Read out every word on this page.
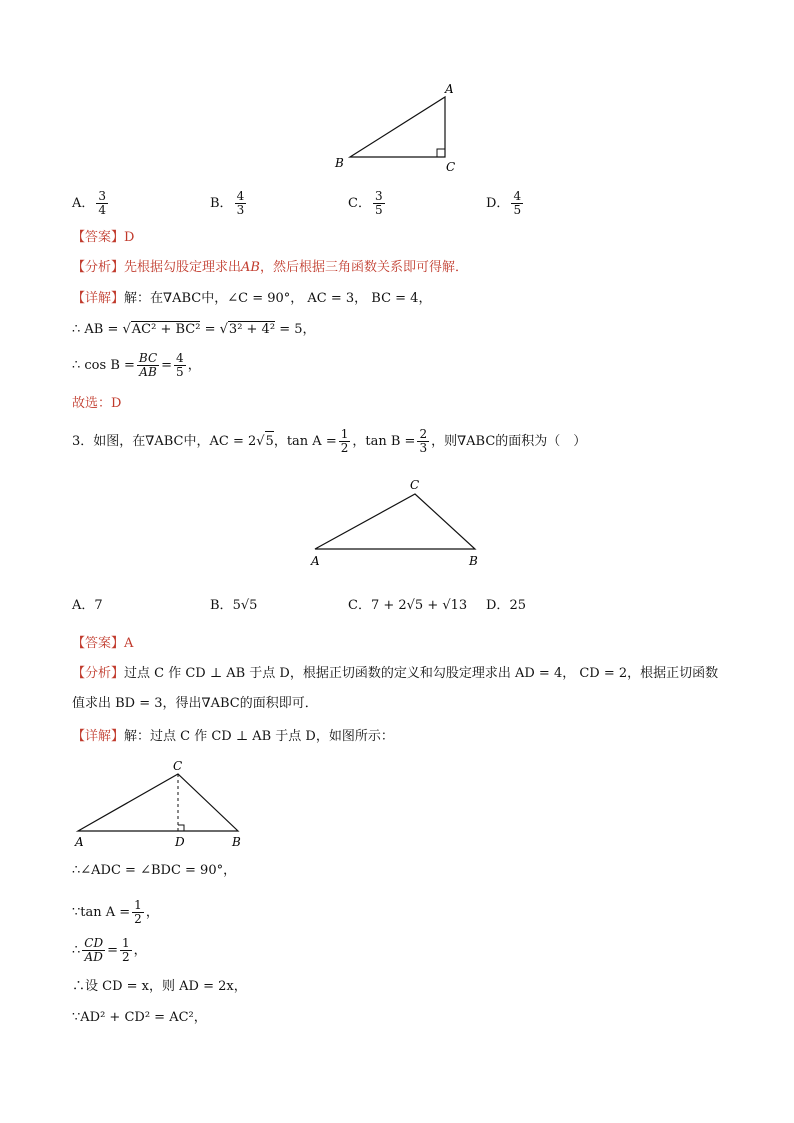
A
B	C
A． $\frac{3}{4}$	B． $\frac{4}{3}$	C． $\frac{3}{5}$	D． $\frac{4}{5}$
【答案】D
【分析】先根据勾股定理求出AB，然后根据三角函数关系即可得解．
【详解】解：在∇ABC中，∠C = 90°， AC = 3， BC = 4，
∴ AB = √AC² + BC² = √3² + 4² = 5，
∴ $\cos B = \frac{BC}{AB} = \frac{4}{5}$ ，
故选：D
3．如图，在∇ABC中，AC = 2 √ 5 ，$\tan A = \frac{1}{2}$ ，$\tan B = \frac{2}{3}$ ，则∇ABC的面积为（　）
C
A	B
A． 7	B． 5√5	C． 7 + 2√5 + √13 D． 25
【答案】A
【分析】过点 C 作 CD ⊥ AB 于点 D，根据正切函数的定义和勾股定理求出 AD = 4， CD = 2，根据正切函数
值求出 BD = 3，得出∇ABC的面积即可．
【详解】解：过点 C 作 CD ⊥ AB 于点 D，如图所示：
C
A	D	B
∴∠ADC = ∠BDC = 90°，
∵tan $A = \frac{1}{2}$ ，
∴ $\frac{CD}{AD} = \frac{1}{2}$ ，
∴设 CD = x，则 AD = 2x，
∵AD² + CD² = AC²，
